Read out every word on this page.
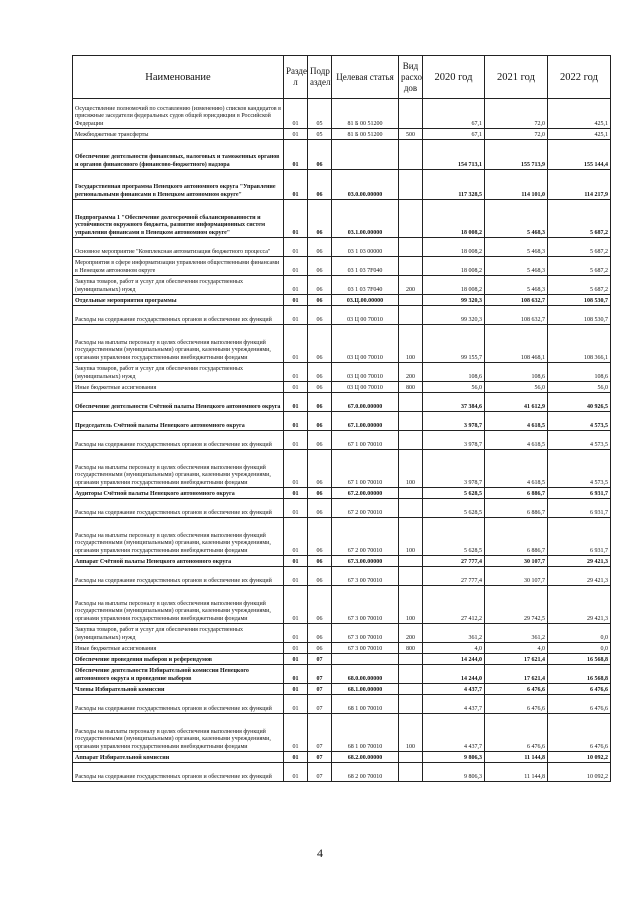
Наименование	Разде л	Подр аздел	Целевая статья	Вид расхо дов	2020 год	2021 год	2022 год
Осуществление полномочий по составлению (изменению) списков кандидатов в присяжные заседатели федеральных судов общей юрисдикции в Российской Федерации	01	05	81 Б 00 51200		67,1	72,0	425,1
Межбюджетные трансферты	01	05	81 Б 00 51200	500	67,1	72,0	425,1
Обеспечение деятельности финансовых, налоговых и таможенных органов и органов финансового (финансово-бюджетного) надзора	01	06			154 713,1	155 713,9	155 144,4
Государственная программа Ненецкого автономного округа "Управление региональными финансами в Ненецком автономном округе"	01	06	03.0.00.00000		117 328,5	114 101,0	114 217,9
Подпрограмма 1 "Обеспечение долгосрочной сбалансированности и устойчивости окружного бюджета, развитие информационных систем управления финансами в Ненецком автономном округе"	01	06	03.1.00.00000		18 008,2	5 468,3	5 687,2
Основное мероприятие "Комплексная автоматизация бюджетного процесса"	01	06	03 1 03 00000		18 008,2	5 468,3	5 687,2
Мероприятия в сфере информатизации управления общественными финансами в Ненецком автономном округе	01	06	03 1 03 7F040		18 008,2	5 468,3	5 687,2
Закупка товаров, работ и услуг для обеспечения государственных (муниципальных) нужд	01	06	03 1 03 7F040	200	18 008,2	5 468,3	5 687,2
Отдельные мероприятия программы	01	06	03.Ц.00.00000		99 320,3	108 632,7	108 530,7
Расходы на содержание государственных органов и обеспечение их функций	01	06	03 Ц 00 70010		99 320,3	108 632,7	108 530,7
Расходы на выплаты персоналу в целях обеспечения выполнения функций государственными (муниципальными) органами, казенными учреждениями, органами управления государственными внебюджетными фондами	01	06	03 Ц 00 70010	100	99 155,7	108 468,1	108 366,1
Закупка товаров, работ и услуг для обеспечения государственных (муниципальных) нужд	01	06	03 Ц 00 70010	200	108,6	108,6	108,6
Иные бюджетные ассигнования	01	06	03 Ц 00 70010	800	56,0	56,0	56,0
Обеспечение деятельности Счётной палаты Ненецкого автономного округа	01	06	67.0.00.00000		37 384,6	41 612,9	40 926,5
Председатель Счётной палаты Ненецкого автономного округа	01	06	67.1.00.00000		3 978,7	4 618,5	4 573,5
Расходы на содержание государственных органов и обеспечение их функций	01	06	67 1 00 70010		3 978,7	4 618,5	4 573,5
Расходы на выплаты персоналу в целях обеспечения выполнения функций государственными (муниципальными) органами, казенными учреждениями, органами управления государственными внебюджетными фондами	01	06	67 1 00 70010	100	3 978,7	4 618,5	4 573,5
Аудиторы Счётной палаты Ненецкого автономного округа	01	06	67.2.00.00000		5 628,5	6 886,7	6 931,7
Расходы на содержание государственных органов и обеспечение их функций	01	06	67 2 00 70010		5 628,5	6 886,7	6 931,7
Расходы на выплаты персоналу в целях обеспечения выполнения функций государственными (муниципальными) органами, казенными учреждениями, органами управления государственными внебюджетными фондами	01	06	67 2 00 70010	100	5 628,5	6 886,7	6 931,7
Аппарат Счётной палаты Ненецкого автономного округа	01	06	67.3.00.00000		27 777,4	30 107,7	29 421,3
Расходы на содержание государственных органов и обеспечение их функций	01	06	67 3 00 70010		27 777,4	30 107,7	29 421,3
Расходы на выплаты персоналу в целях обеспечения выполнения функций государственными (муниципальными) органами, казенными учреждениями, органами управления государственными внебюджетными фондами	01	06	67 3 00 70010	100	27 412,2	29 742,5	29 421,3
Закупка товаров, работ и услуг для обеспечения государственных (муниципальных) нужд	01	06	67 3 00 70010	200	361,2	361,2	0,0
Иные бюджетные ассигнования	01	06	67 3 00 70010	800	4,0	4,0	0,0
Обеспечение проведения выборов и референдумов	01	07			14 244,0	17 621,4	16 568,8
Обеспечение деятельности Избирательной комиссии Ненецкого автономного округа и проведение выборов	01	07	68.0.00.00000		14 244,0	17 621,4	16 568,8
Члены Избирательной комиссии	01	07	68.1.00.00000		4 437,7	6 476,6	6 476,6
Расходы на содержание государственных органов и обеспечение их функций	01	07	68 1 00 70010		4 437,7	6 476,6	6 476,6
Расходы на выплаты персоналу в целях обеспечения выполнения функций государственными (муниципальными) органами, казенными учреждениями, органами управления государственными внебюджетными фондами	01	07	68 1 00 70010	100	4 437,7	6 476,6	6 476,6
Аппарат Избирательной комиссии	01	07	68.2.00.00000		9 806,3	11 144,8	10 092,2
Расходы на содержание государственных органов и обеспечение их функций	01	07	68 2 00 70010		9 806,3	11 144,8	10 092,2
4
